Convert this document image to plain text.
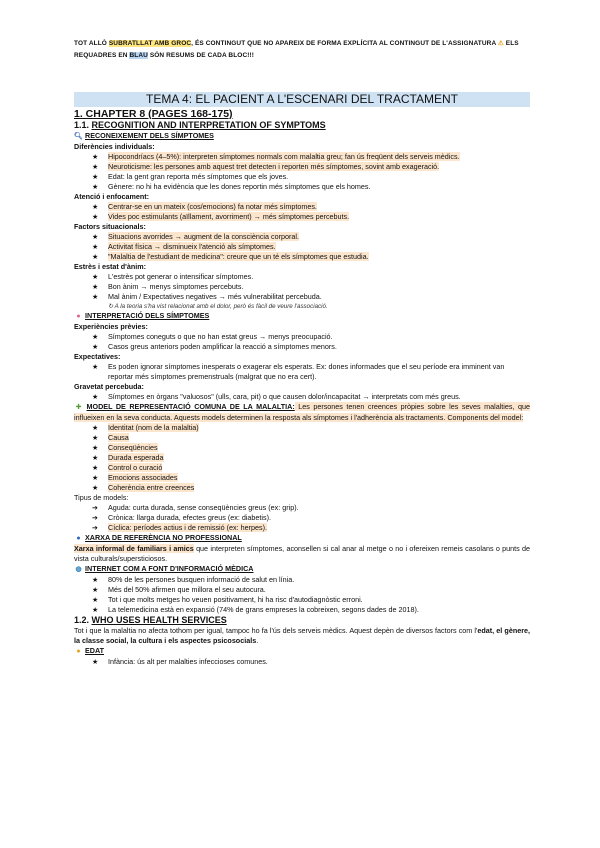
TOT ALLÒ SUBRATLLAT AMB GROC, ÉS CONTINGUT QUE NO APAREIX DE FORMA EXPLÍCITA AL CONTINGUT DE L'ASSIGNATURA ⚠ ELS REQUADRES EN BLAU SÓN RESUMS DE CADA BLOC!!!
TEMA 4: EL PACIENT A L'ESCENARI DEL TRACTAMENT
1. CHAPTER 8 (PAGES 168-175)
1.1. RECOGNITION AND INTERPRETATION OF SYMPTOMS
🔍︎ RECONEIXEMENT DELS SÍMPTOMES
Diferències individuals:
★ Hipocondríacs (4–5%): interpreten símptomes normals com malaltia greu; fan ús freqüent dels serveis mèdics.
★ Neuroticisme: les persones amb aquest tret detecten i reporten més símptomes, sovint amb exageració.
★ Edat: la gent gran reporta més símptomes que els joves.
★ Gènere: no hi ha evidència que les dones reportin més símptomes que els homes.
Atenció i enfocament:
★ Centrar-se en un mateix (cos/emocions) fa notar més símptomes.
★ Vides poc estimulants (aïllament, avorriment) → més símptomes percebuts.
Factors situacionals:
★ Situacions avorrides → augment de la consciència corporal.
★ Activitat física → disminueix l'atenció als símptomes.
★ "Malaltia de l'estudiant de medicina": creure que un té els símptomes que estudia.
Estrès i estat d'ànim:
★ L'estrès pot generar o intensificar símptomes.
★ Bon ànim → menys símptomes percebuts.
★ Mal ànim / Expectatives negatives → més vulnerabilitat percebuda.
↻ A la teoria s'ha vist relacionat amb el dolor, però és fàcil de veure l'associació.
● INTERPRETACIÓ DELS SÍMPTOMES
Experiències prèvies:
★ Símptomes coneguts o que no han estat greus → menys preocupació.
★ Casos greus anteriors poden amplificar la reacció a símptomes menors.
Expectatives:
★ Es poden ignorar símptomes inesperats o exagerar els esperats. Ex: dones informades que el seu període era imminent van reportar més símptomes premenstruals (malgrat que no era cert).
Gravetat percebuda:
★ Símptomes en òrgans "valuosos" (ulls, cara, pit) o que causen dolor/incapacitat → interpretats com més greus.
✚ MODEL DE REPRESENTACIÓ COMUNA DE LA MALALTIA: Les persones tenen creences pròpies sobre les seves malalties, que influeixen en la seva conducta. Aquests models determinen la resposta als símptomes i l'adherència als tractaments. Components del model:
★ Identitat (nom de la malaltia)
★ Causa
★ Conseqüències
★ Durada esperada
★ Control o curació
★ Emocions associades
★ Coherència entre creences
Tipus de models:
➔ Aguda: curta durada, sense conseqüències greus (ex: grip).
➔ Crònica: llarga durada, efectes greus (ex: diabetis).
➔ Cíclica: períodes actius i de remissió (ex: herpes).
● XARXA DE REFERÈNCIA NO PROFESSIONAL
Xarxa informal de familiars i amics que interpreten símptomes, aconsellen si cal anar al metge o no i ofereixen remeis casolans o punts de vista culturals/supersticiosos.
◍ INTERNET COM A FONT D'INFORMACIÓ MÈDICA
★ 80% de les persones busquen informació de salut en línia.
★ Més del 50% afirmen que millora el seu autocura.
★ Tot i que molts metges ho veuen positivament, hi ha risc d'autodiagnòstic erroni.
★ La telemedicina està en expansió (74% de grans empreses la cobreixen, segons dades de 2018).
1.2. WHO USES HEALTH SERVICES
Tot i que la malaltia no afecta tothom per igual, tampoc ho fa l'ús dels serveis mèdics. Aquest depèn de diversos factors com l'edat, el gènere, la classe social, la cultura i els aspectes psicosocials.
● EDAT
★ Infància: ús alt per malalties infeccioses comunes.
